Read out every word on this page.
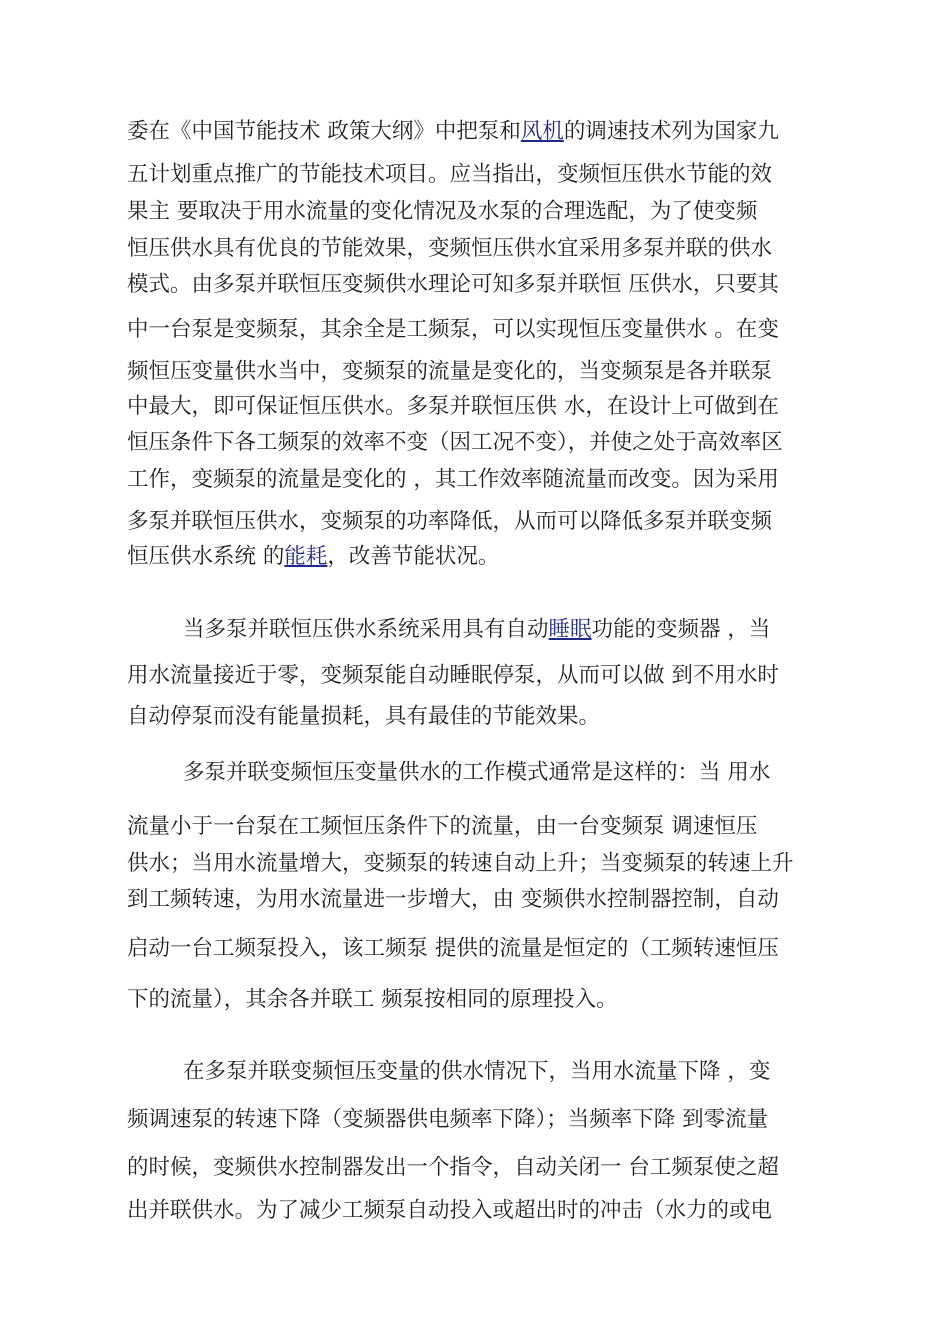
委在《中国节能技术 政策大纲》中把泵和风机的调速技术列为国家九
五计划重点推广的节能技术项目。应当指出，变频恒压供水节能的效
果主 要取决于用水流量的变化情况及水泵的合理选配，为了使变频
恒压供水具有优良的节能效果，变频恒压供水宜采用多泵并联的供水
模式。由多泵并联恒压变频供水理论可知多泵并联恒 压供水，只要其
中一台泵是变频泵，其余全是工频泵，可以实现恒压变量供水 。在变
频恒压变量供水当中，变频泵的流量是变化的，当变频泵是各并联泵
中最大，即可保证恒压供水。多泵并联恒压供 水，在设计上可做到在
恒压条件下各工频泵的效率不变（因工况不变），并使之处于高效率区
工作，变频泵的流量是变化的 ，其工作效率随流量而改变。因为采用
多泵并联恒压供水，变频泵的功率降低，从而可以降低多泵并联变频
恒压供水系统 的能耗，改善节能状况。
当多泵并联恒压供水系统采用具有自动睡眠功能的变频器 ，当
用水流量接近于零，变频泵能自动睡眠停泵，从而可以做 到不用水时
自动停泵而没有能量损耗，具有最佳的节能效果。
多泵并联变频恒压变量供水的工作模式通常是这样的：当 用水
流量小于一台泵在工频恒压条件下的流量，由一台变频泵 调速恒压
供水；当用水流量增大，变频泵的转速自动上升；当变频泵的转速上升
到工频转速，为用水流量进一步增大，由 变频供水控制器控制，自动
启动一台工频泵投入，该工频泵 提供的流量是恒定的（工频转速恒压
下的流量），其余各并联工 频泵按相同的原理投入。
在多泵并联变频恒压变量的供水情况下，当用水流量下降 ，变
频调速泵的转速下降（变频器供电频率下降）；当频率下降 到零流量
的时候，变频供水控制器发出一个指令，自动关闭一 台工频泵使之超
出并联供水。为了减少工频泵自动投入或超出时的冲击（水力的或电
